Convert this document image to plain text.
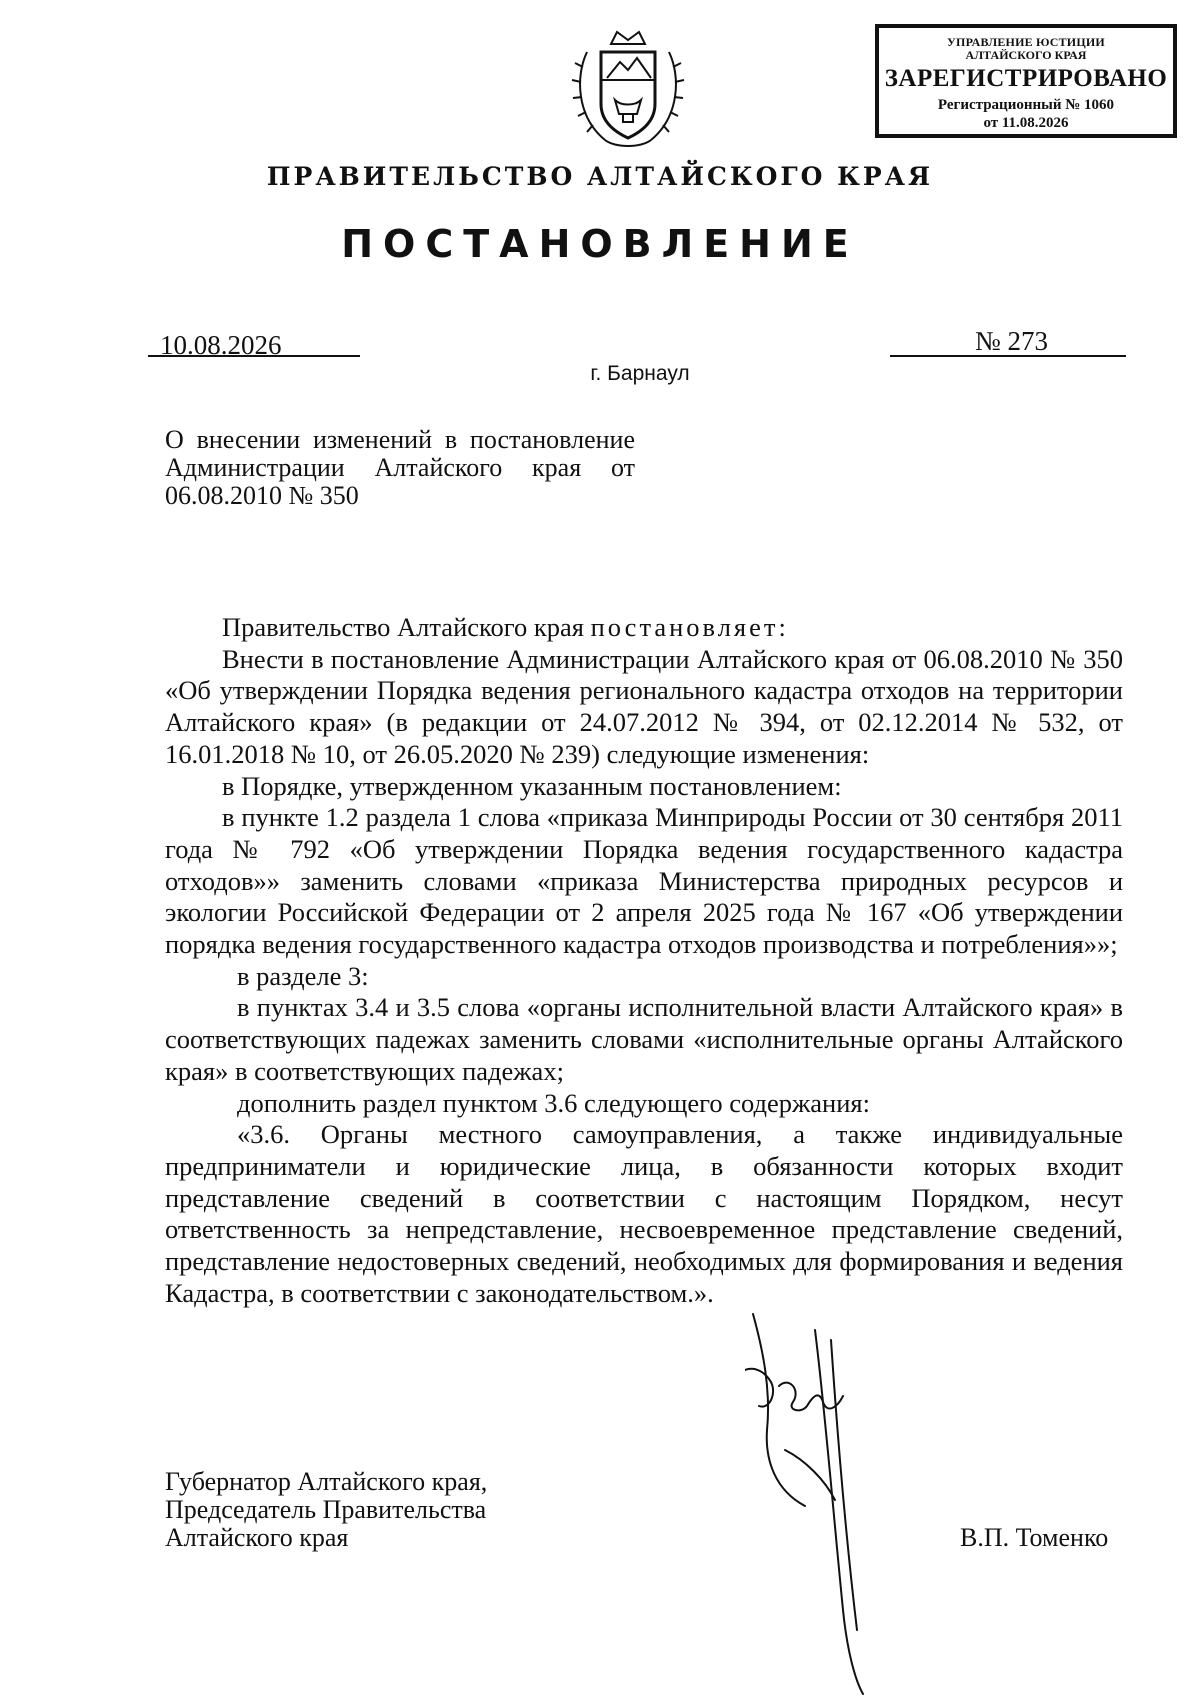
УПРАВЛЕНИЕ ЮСТИЦИИ
АЛТАЙСКОГО КРАЯ
ЗАРЕГИСТРИРОВАНО
Регистрационный № 1060
от 11.08.2026
ПРАВИТЕЛЬСТВО АЛТАЙСКОГО КРАЯ
ПОСТАНОВЛЕНИЕ
10.08.2026	№ 273
г. Барнаул
О внесении изменений в постановление Администрации Алтайского края от 06.08.2010 № 350

Правительство Алтайского края постановляет:

Внести в постановление Администрации Алтайского края от 06.08.2010 № 350 «Об утверждении Порядка ведения регионального кадастра отходов на территории Алтайского края» (в редакции от 24.07.2012 № 394, от 02.12.2014 № 532, от 16.01.2018 № 10, от 26.05.2020 № 239) следующие изменения:

в Порядке, утвержденном указанным постановлением:

в пункте 1.2 раздела 1 слова «приказа Минприроды России от 30 сентября 2011 года № 792 «Об утверждении Порядка ведения государственного кадастра отходов»» заменить словами «приказа Министерства природных ресурсов и экологии Российской Федерации от 2 апреля 2025 года № 167 «Об утверждении порядка ведения государственного кадастра отходов производства и потребления»»;

в разделе 3:

в пунктах 3.4 и 3.5 слова «органы исполнительной власти Алтайского края» в соответствующих падежах заменить словами «исполнительные органы Алтайского края» в соответствующих падежах;

дополнить раздел пунктом 3.6 следующего содержания:

«3.6. Органы местного самоуправления, а также индивидуальные предприниматели и юридические лица, в обязанности которых входит представление сведений в соответствии с настоящим Порядком, несут ответственность за непредставление, несвоевременное представление сведений, представление недостоверных сведений, необходимых для формирования и ведения Кадастра, в соответствии с законодательством.».

Губернатор Алтайского края,
Председатель Правительства
Алтайского края	В.П. Томенко
